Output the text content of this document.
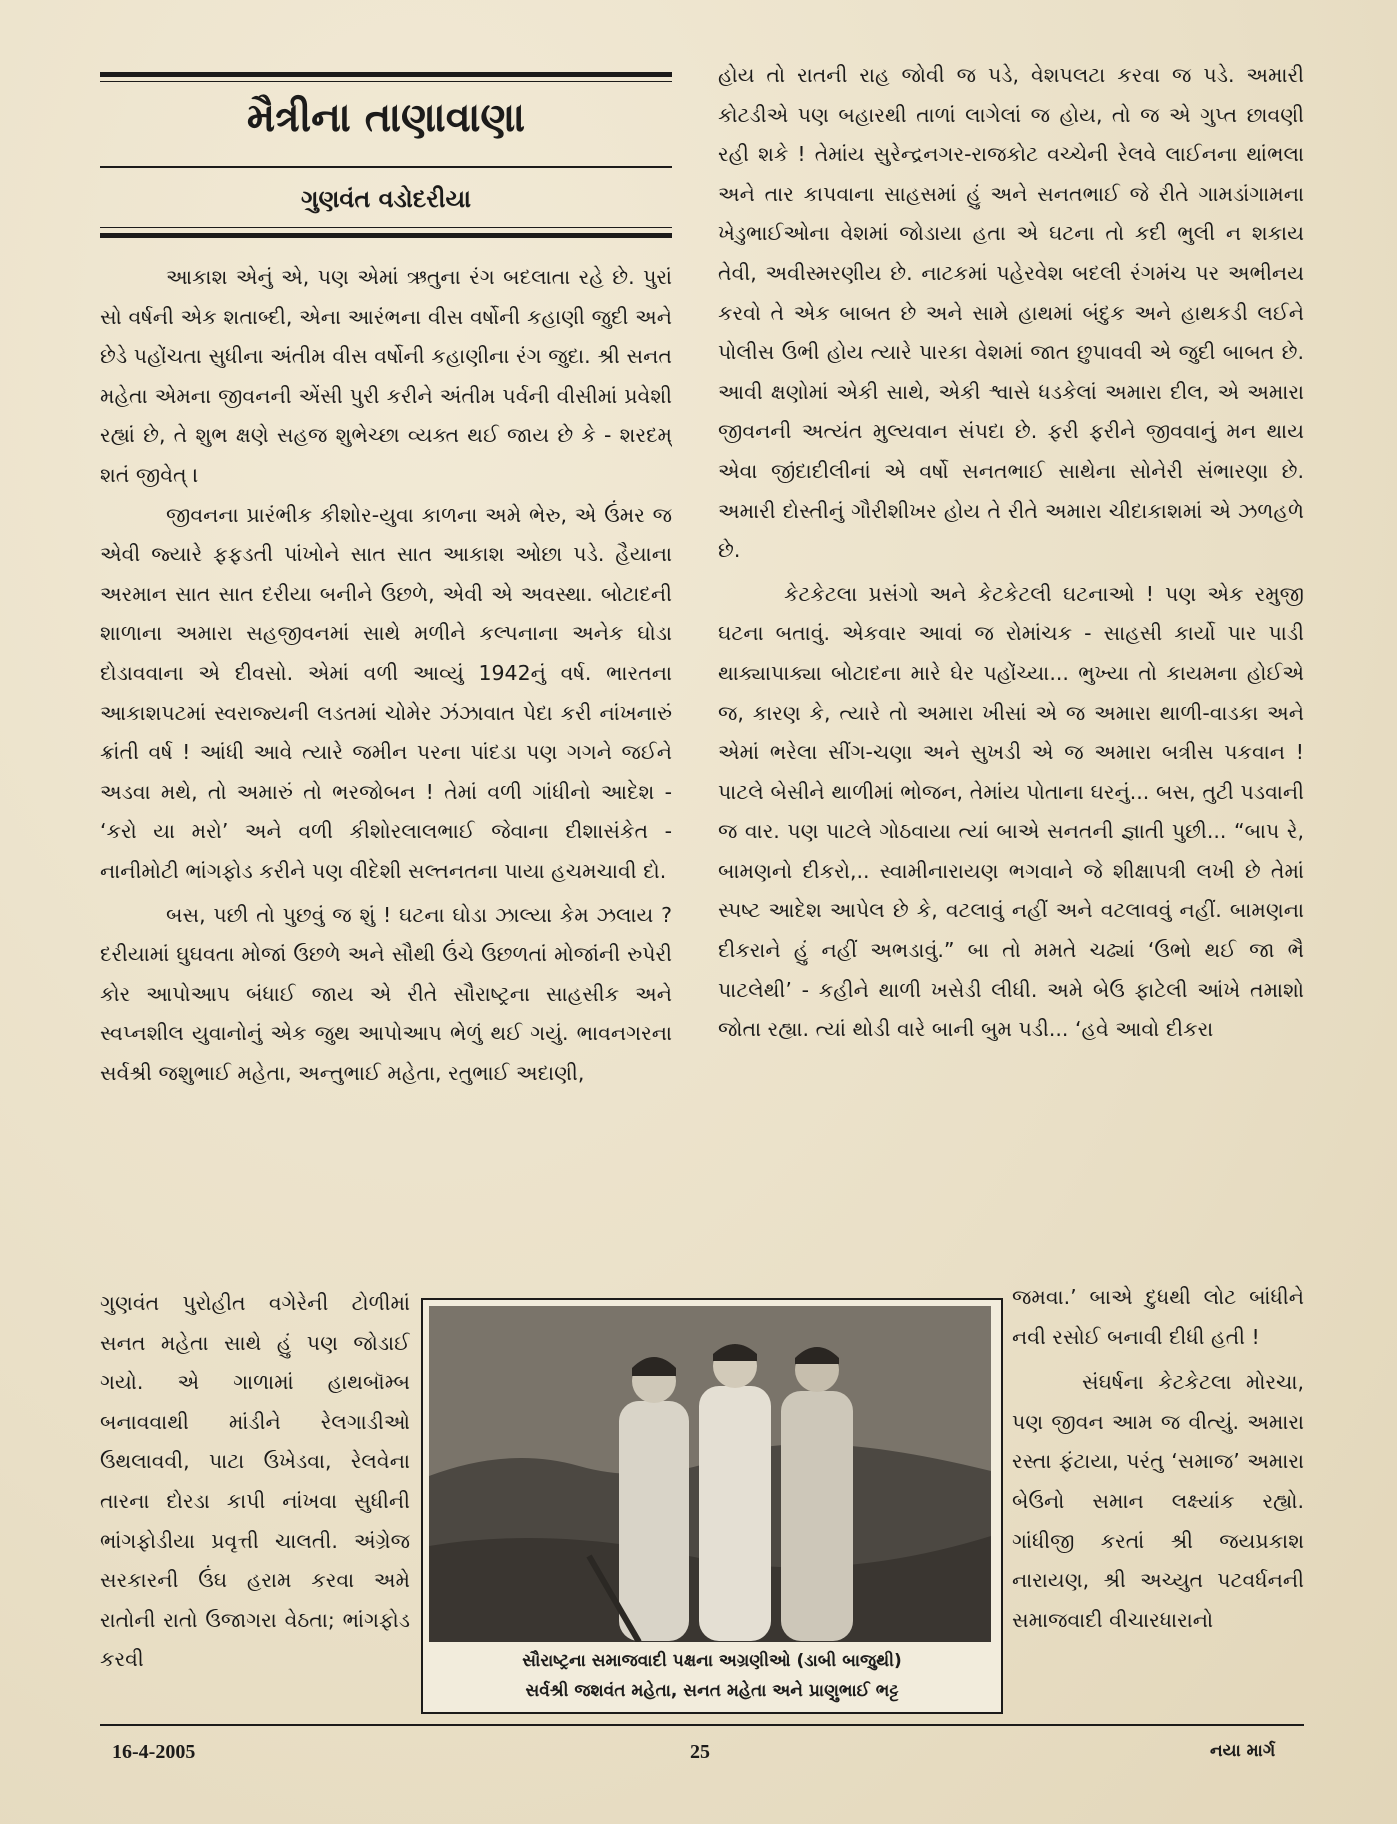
મૈત્રીના તાણાવાણા
ગુણવંત વડોદરીયા

આકાશ એનું એ, પણ એમાં ઋતુના રંગ બદલાતા રહે છે. પુરાં સો વર્ષની એક શતાબ્દી, એના આરંભના વીસ વર્ષોની કહાણી જુદી અને છેડે પહોંચતા સુધીના અંતીમ વીસ વર્ષોની કહાણીના રંગ જુદા. શ્રી સનત મહેતા એમના જીવનની એંસી પુરી કરીને અંતીમ પર્વની વીસીમાં પ્રવેશી રહ્યાં છે, તે શુભ ક્ષણે સહજ શુભેચ્છા વ્યક્ત થઈ જાય છે કે - શરદમ્ શતં જીવેત્ ।

જીવનના પ્રારંભીક કીશોર-યુવા કાળના અમે ભેરુ, એ ઉંમર જ એવી જ્યારે ફફડતી પાંખોને સાત સાત આકાશ ઓછા પડે. હૈયાના અરમાન સાત સાત દરીયા બનીને ઉછળે, એવી એ અવસ્થા. બોટાદની શાળાના અમારા સહજીવનમાં સાથે મળીને કલ્પનાના અનેક ઘોડા દોડાવવાના એ દીવસો. એમાં વળી આવ્યું 1942નું વર્ષ. ભારતના આકાશપટમાં સ્વરાજ્યની લડતમાં ચોમેર ઝંઝાવાત પેદા કરી નાંખનારું ક્રાંતી વર્ષ ! આંધી આવે ત્યારે જમીન પરના પાંદડા પણ ગગને જઈને અડવા મથે, તો અમારું તો ભરજોબન ! તેમાં વળી ગાંધીનો આદેશ - ‘કરો યા મરો’ અને વળી કીશોરલાલભાઈ જેવાના દીશાસંકેત - નાનીમોટી ભાંગફોડ કરીને પણ વીદેશી સલ્તનતના પાયા હચમચાવી દો.

બસ, પછી તો પુછવું જ શું ! ઘટના ઘોડા ઝાલ્યા કેમ ઝલાય ? દરીયામાં ઘુઘવતા મોજાં ઉછળે અને સૌથી ઉંચે ઉછળતાં મોજાંની રુપેરી કોર આપોઆપ બંધાઈ જાય એ રીતે સૌરાષ્ટ્રના સાહસીક અને સ્વપ્નશીલ યુવાનોનું એક જુથ આપોઆપ ભેળું થઈ ગયું. ભાવનગરના સર્વશ્રી જશુભાઈ મહેતા, અન્તુભાઈ મહેતા, રતુભાઈ અદાણી,

ગુણવંત પુરોહીત વગેરેની ટોળીમાં સનત મહેતા સાથે હું પણ જોડાઈ ગયો. એ ગાળામાં હાથબૉમ્બ બનાવવાથી માંડીને રેલગાડીઓ ઉથલાવવી, પાટા ઉખેડવા, રેલવેના તારના દોરડા કાપી નાંખવા સુધીની ભાંગફોડીયા પ્રવૃત્તી ચાલતી. અંગ્રેજ સરકારની ઉંઘ હરામ કરવા અમે રાતોની રાતો ઉજાગરા વેઠતા; ભાંગફોડ કરવી

હોય તો રાતની રાહ જોવી જ પડે, વેશપલટા કરવા જ પડે. અમારી કોટડીએ પણ બહારથી તાળાં લાગેલાં જ હોય, તો જ એ ગુપ્ત છાવણી રહી શકે ! તેમાંય સુરેન્દ્રનગર-રાજકોટ વચ્ચેની રેલવે લાઈનના થાંભલા અને તાર કાપવાના સાહસમાં હું અને સનતભાઈ જે રીતે ગામડાંગામના ખેડુભાઈઓના વેશમાં જોડાયા હતા એ ઘટના તો કદી ભુલી ન શકાય તેવી, અવીસ્મરણીય છે. નાટકમાં પહેરવેશ બદલી રંગમંચ પર અભીનય કરવો તે એક બાબત છે અને સામે હાથમાં બંદુક અને હાથકડી લઈને પોલીસ ઉભી હોય ત્યારે પારકા વેશમાં જાત છુપાવવી એ જુદી બાબત છે. આવી ક્ષણોમાં એકી સાથે, એકી શ્વાસે ધડકેલાં અમારા દીલ, એ અમારા જીવનની અત્યંત મુલ્યવાન સંપદા છે. ફરી ફરીને જીવવાનું મન થાય એવા જીંદાદીલીનાં એ વર્ષો સનતભાઈ સાથેના સોનેરી સંભારણા છે. અમારી દોસ્તીનું ગૌરીશીખર હોય તે રીતે અમારા ચીદાકાશમાં એ ઝળહળે છે.

કેટકેટલા પ્રસંગો અને કેટકેટલી ઘટનાઓ ! પણ એક રમુજી ઘટના બતાવું. એકવાર આવાં જ રોમાંચક - સાહસી કાર્યો પાર પાડી થાક્યાપાક્યા બોટાદના મારે ઘેર પહોંચ્યા... ભુખ્યા તો કાયમના હોઈએ જ, કારણ કે, ત્યારે તો અમારા ખીસાં એ જ અમારા થાળી-વાડકા અને એમાં ભરેલા સીંગ-ચણા અને સુખડી એ જ અમારા બત્રીસ પકવાન ! પાટલે બેસીને થાળીમાં ભોજન, તેમાંય પોતાના ઘરનું... બસ, તુટી પડવાની જ વાર. પણ પાટલે ગોઠવાયા ત્યાં બાએ સનતની જ્ઞાતી પુછી... “બાપ રે, બામણનો દીકરો,.. સ્વામીનારાયણ ભગવાને જે શીક્ષાપત્રી લખી છે તેમાં સ્પષ્ટ આદેશ આપેલ છે કે, વટલાવું નહીં અને વટલાવવું નહીં. બામણના દીકરાને હું નહીં અભડાવું.” બા તો મમતે ચઢ્યાં ‘ઉભો થઈ જા ભૈ પાટલેથી’ - કહીને થાળી ખસેડી લીધી. અમે બેઉ ફાટેલી આંખે તમાશો જોતા રહ્યા. ત્યાં થોડી વારે બાની બુમ પડી... ‘હવે આવો દીકરા

જમવા.’ બાએ દુધથી લોટ બાંધીને નવી રસોઈ બનાવી દીધી હતી !

સંઘર્ષના કેટકેટલા મોરચા, પણ જીવન આમ જ વીત્યું. અમારા રસ્તા ફંટાયા, પરંતુ ‘સમાજ’ અમારા બેઉનો સમાન લક્ષ્યાંક રહ્યો. ગાંધીજી કરતાં શ્રી જયપ્રકાશ નારાયણ, શ્રી અચ્યુત પટવર્ધનની સમાજવાદી વીચારધારાનો

સૌરાષ્ટ્રના સમાજવાદી પક્ષના અગ્રણીઓ (ડાબી બાજુથી)
સર્વશ્રી જશવંત મહેતા, સનત મહેતા અને પ્રાણુભાઈ ભટ્ટ
16-4-2005	25	નયા માર્ગ
